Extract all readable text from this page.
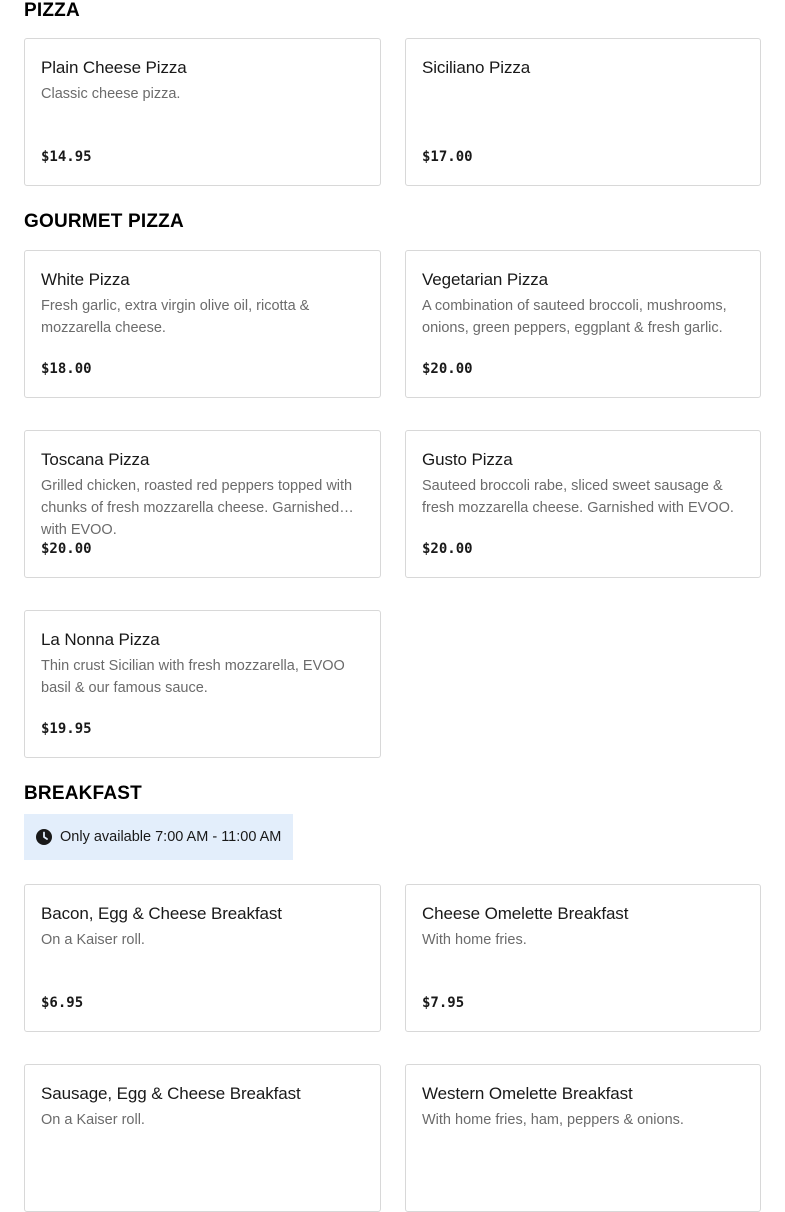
PIZZA
Plain Cheese Pizza
Classic cheese pizza.
$14.95
Siciliano Pizza
$17.00
GOURMET PIZZA
White Pizza
Fresh garlic, extra virgin olive oil, ricotta & mozzarella cheese.
$18.00
Vegetarian Pizza
A combination of sauteed broccoli, mushrooms, onions, green peppers, eggplant & fresh garlic.
$20.00
Toscana Pizza
Grilled chicken, roasted red peppers topped with chunks of fresh mozzarella cheese. Garnished with EVOO.
$20.00
Gusto Pizza
Sauteed broccoli rabe, sliced sweet sausage & fresh mozzarella cheese. Garnished with EVOO.
$20.00
La Nonna Pizza
Thin crust Sicilian with fresh mozzarella, EVOO basil & our famous sauce.
$19.95
BREAKFAST
Only available 7:00 AM - 11:00 AM
Bacon, Egg & Cheese Breakfast
On a Kaiser roll.
$6.95
Cheese Omelette Breakfast
With home fries.
$7.95
Sausage, Egg & Cheese Breakfast
On a Kaiser roll.
Western Omelette Breakfast
With home fries, ham, peppers & onions.
